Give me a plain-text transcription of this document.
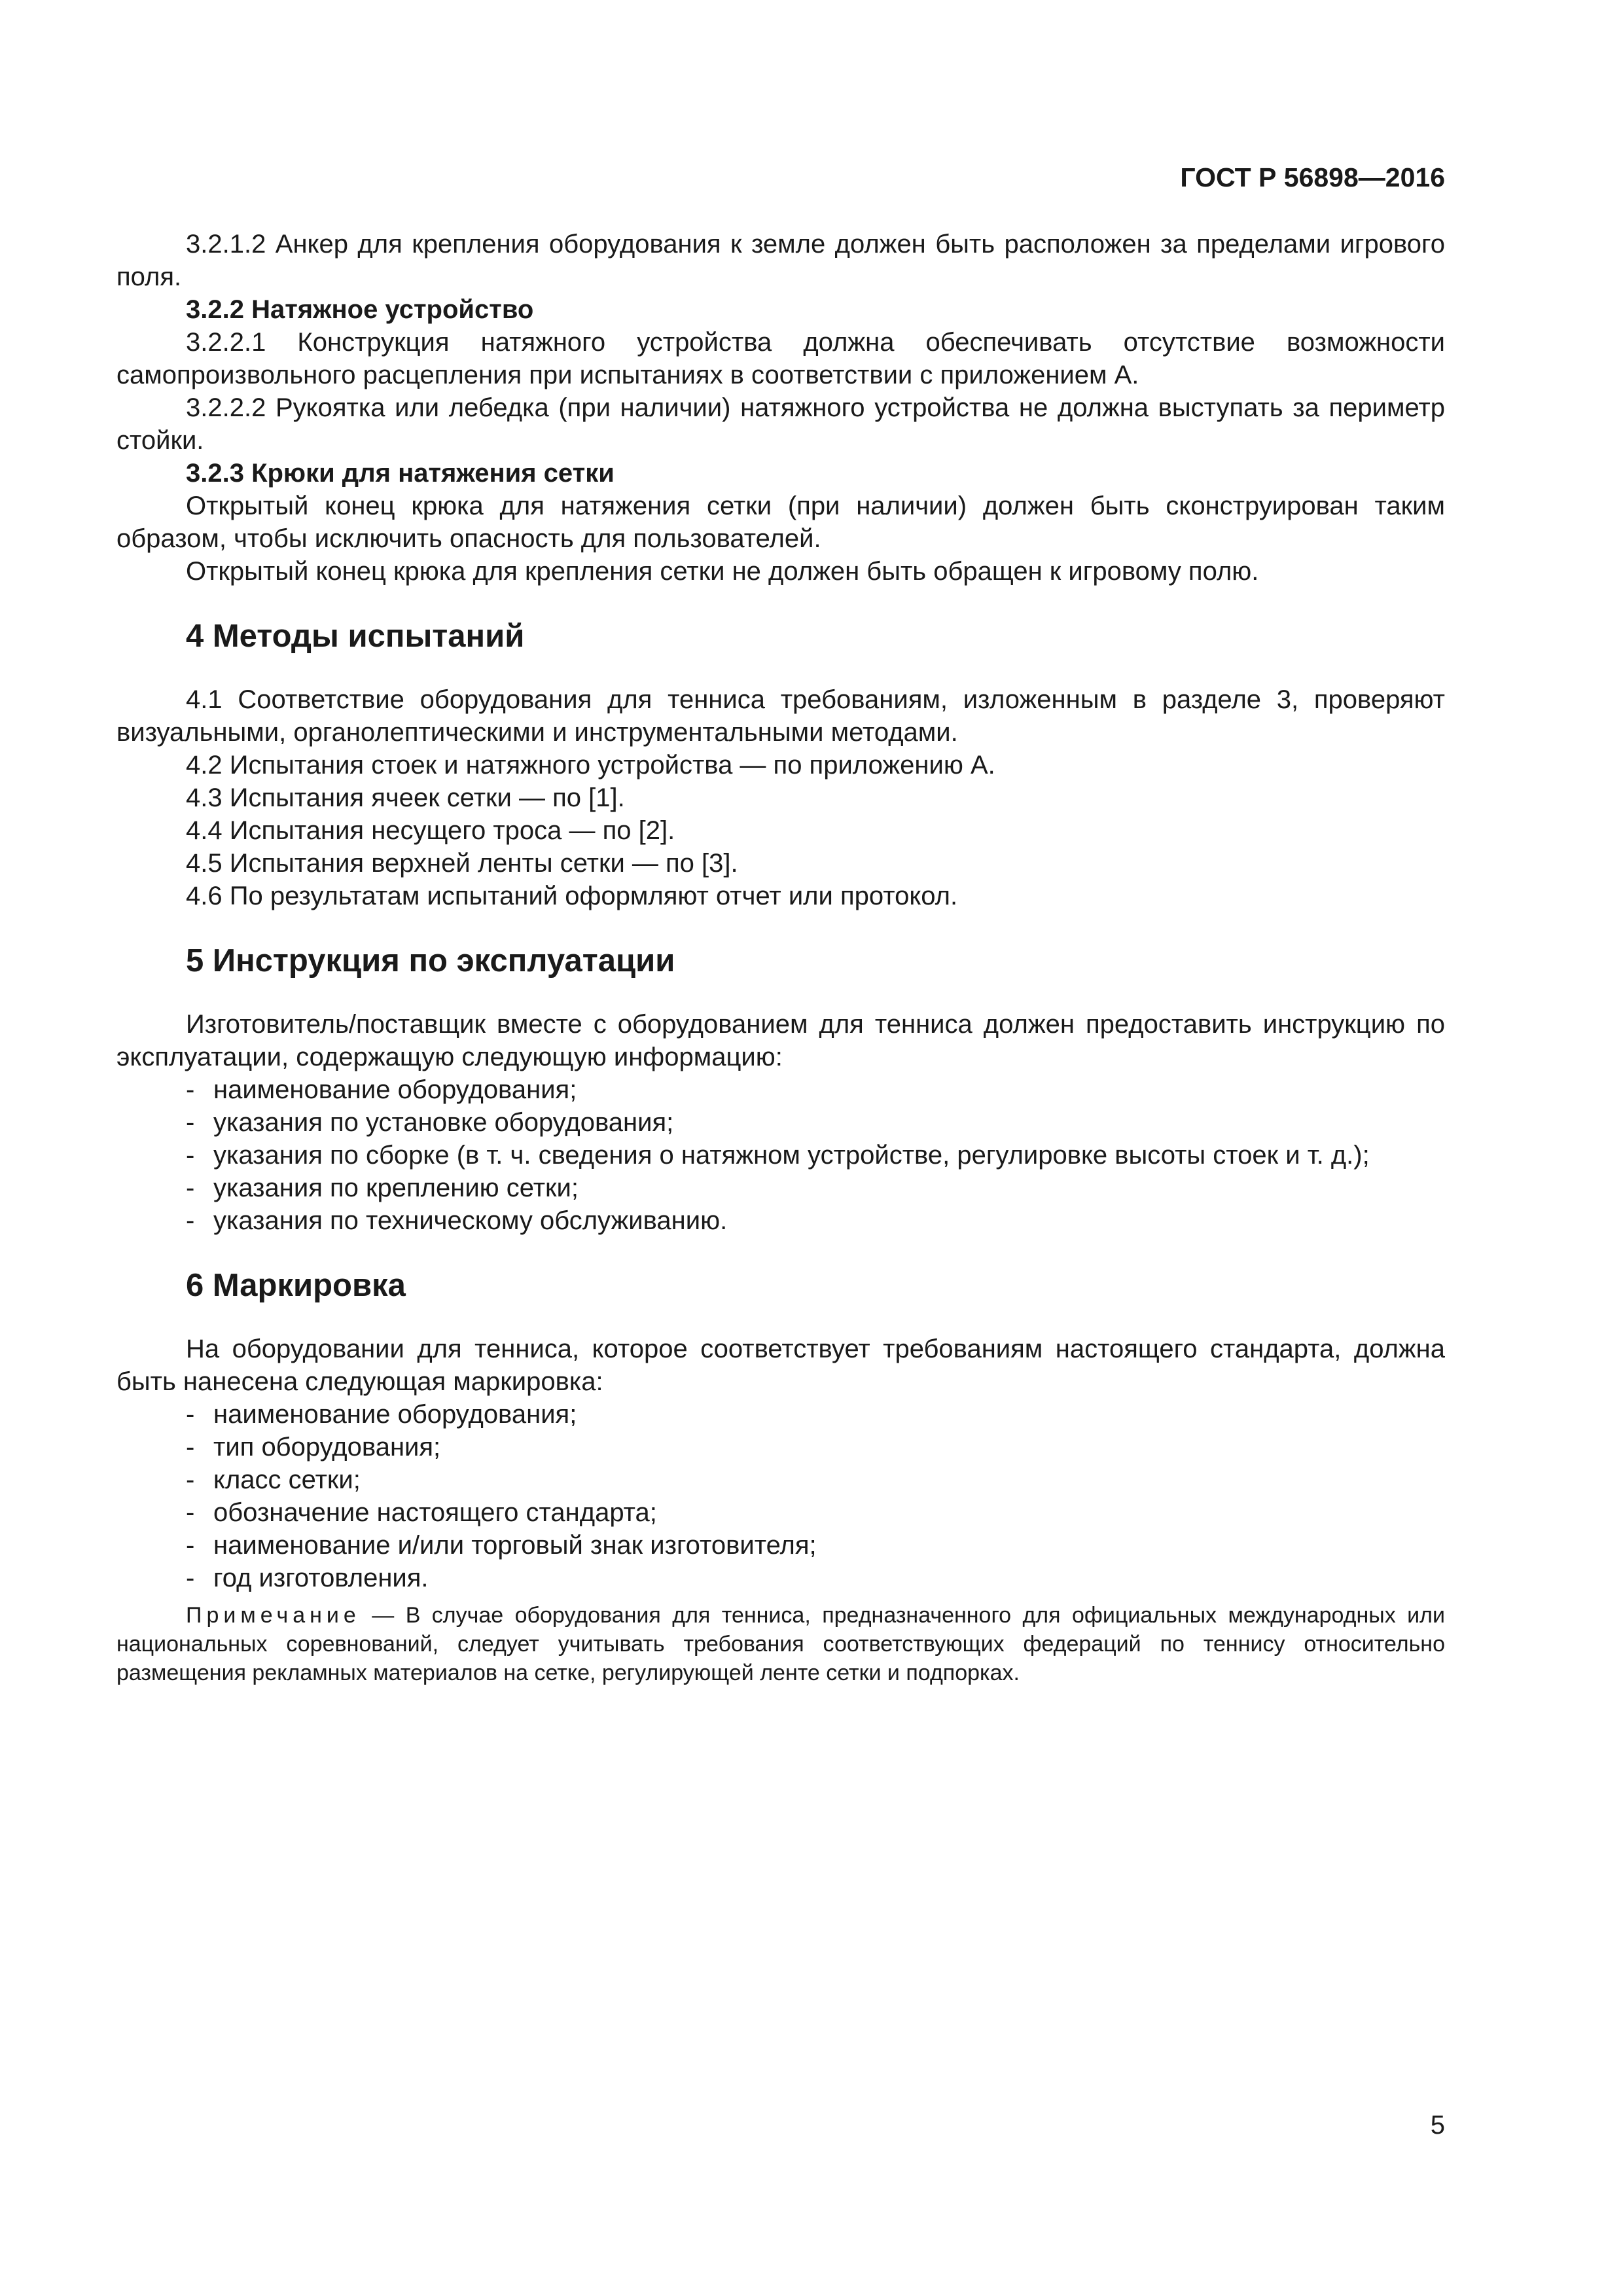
ГОСТ Р 56898—2016

3.2.1.2 Анкер для крепления оборудования к земле должен быть расположен за пределами игрового поля.

3.2.2 Натяжное устройство

3.2.2.1 Конструкция натяжного устройства должна обеспечивать отсутствие возможности самопроизвольного расцепления при испытаниях в соответствии с приложением А.

3.2.2.2 Рукоятка или лебедка (при наличии) натяжного устройства не должна выступать за периметр стойки.

3.2.3 Крюки для натяжения сетки

Открытый конец крюка для натяжения сетки (при наличии) должен быть сконструирован таким образом, чтобы исключить опасность для пользователей.

Открытый конец крюка для крепления сетки не должен быть обращен к игровому полю.

4 Методы испытаний

4.1 Соответствие оборудования для тенниса требованиям, изложенным в разделе 3, проверяют визуальными, органолептическими и инструментальными методами.

4.2 Испытания стоек и натяжного устройства — по приложению А.

4.3 Испытания ячеек сетки — по [1].

4.4 Испытания несущего троса — по [2].

4.5 Испытания верхней ленты сетки — по [3].

4.6 По результатам испытаний оформляют отчет или протокол.

5 Инструкция по эксплуатации

Изготовитель/поставщик вместе с оборудованием для тенниса должен предоставить инструкцию по эксплуатации, содержащую следующую информацию:

- наименование оборудования;
- указания по установке оборудования;
- указания по сборке (в т. ч. сведения о натяжном устройстве, регулировке высоты стоек и т. д.);
- указания по креплению сетки;
- указания по техническому обслуживанию.
6 Маркировка

На оборудовании для тенниса, которое соответствует требованиям настоящего стандарта, должна быть нанесена следующая маркировка:

- наименование оборудования;
- тип оборудования;
- класс сетки;
- обозначение настоящего стандарта;
- наименование и/или торговый знак изготовителя;
- год изготовления.

Примечание — В случае оборудования для тенниса, предназначенного для официальных международных или национальных соревнований, следует учитывать требования соответствующих федераций по теннису относительно размещения рекламных материалов на сетке, регулирующей ленте сетки и подпорках.

5
